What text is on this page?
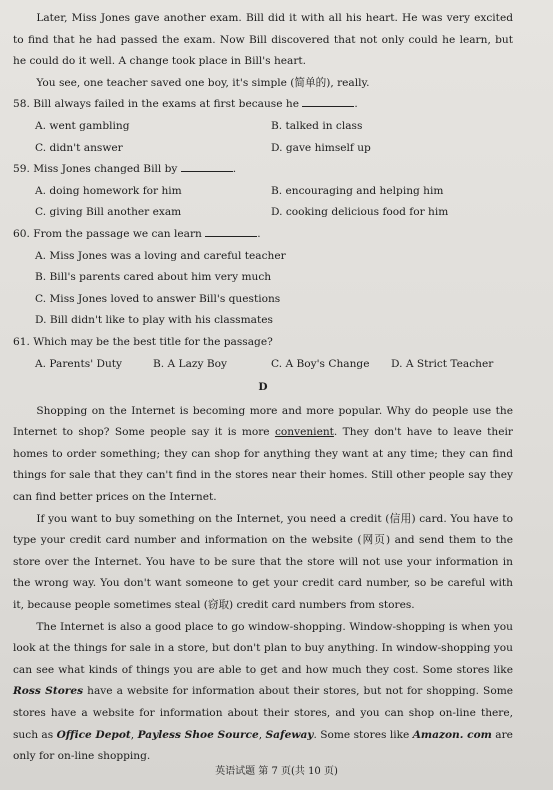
Later, Miss Jones gave another exam. Bill did it with all his heart. He was very excited to find that he had passed the exam. Now Bill discovered that not only could he learn, but he could do it well. A change took place in Bill's heart.

You see, one teacher saved one boy, it's simple (简单的), really.

58. Bill always failed in the exams at first because he	.

A. went gambling	B. talked in class
C. didn't answer	D. gave himself up

59. Miss Jones changed Bill by	.

A. doing homework for him	B. encouraging and helping him
C. giving Bill another exam	D. cooking delicious food for him

60. From the passage we can learn	.

A. Miss Jones was a loving and careful teacher
B. Bill's parents cared about him very much
C. Miss Jones loved to answer Bill's questions
D. Bill didn't like to play with his classmates

61. Which may be the best title for the passage?

A. Parents' Duty	B. A Lazy Boy	C. A Boy's Change	D. A Strict Teacher
D

Shopping on the Internet is becoming more and more popular. Why do people use the Internet to shop? Some people say it is more convenient. They don't have to leave their homes to order something; they can shop for anything they want at any time; they can find things for sale that they can't find in the stores near their homes. Still other people say they can find better prices on the Internet.

If you want to buy something on the Internet, you need a credit (信用) card. You have to type your credit card number and information on the website (网页) and send them to the store over the Internet. You have to be sure that the store will not use your information in the wrong way. You don't want someone to get your credit card number, so be careful with it, because people sometimes steal (窃取) credit card numbers from stores.

The Internet is also a good place to go window-shopping. Window-shopping is when you look at the things for sale in a store, but don't plan to buy anything. In window-shopping you can see what kinds of things you are able to get and how much they cost. Some stores like Ross Stores have a website for information about their stores, but not for shopping. Some stores have a website for information about their stores, and you can shop on-line there, such as Office Depot, Payless Shoe Source, Safeway. Some stores like Amazon. com are only for on-line shopping.

英语试题 第 7 页(共 10 页)
